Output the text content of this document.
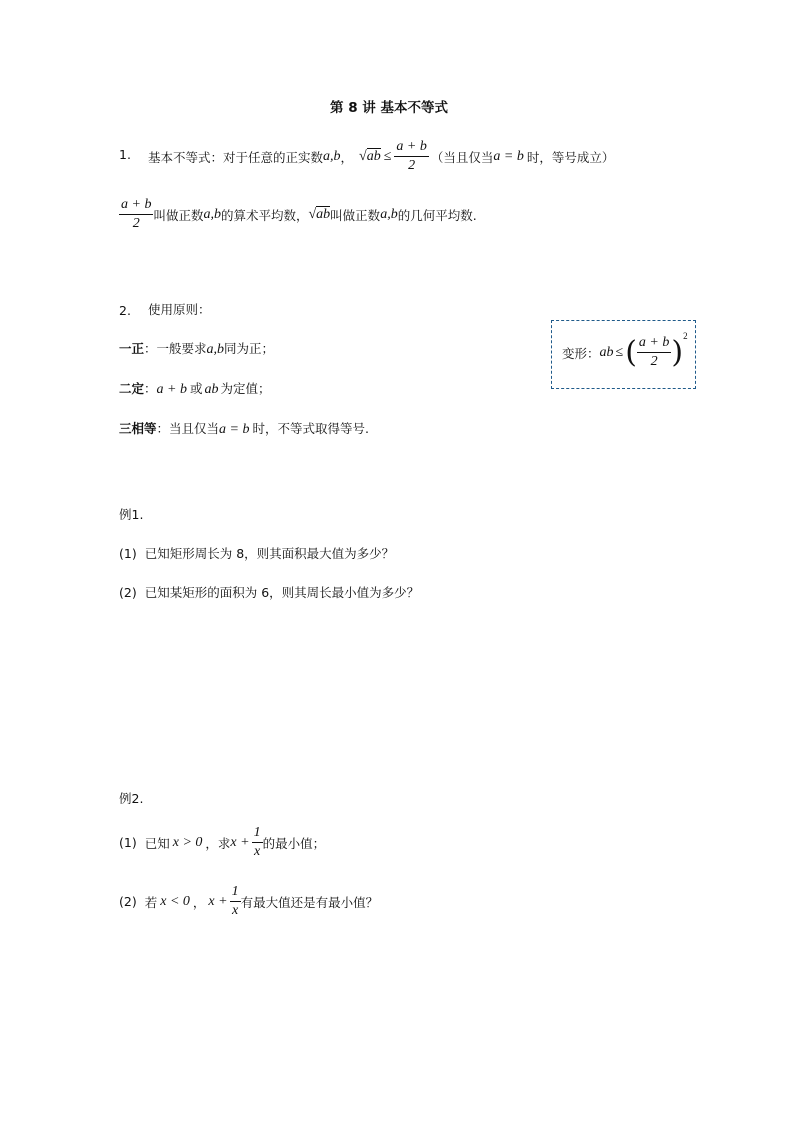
第 8 讲 基本不等式
1. 基本不等式：对于任意的正实数 a,b ， $√ab \le \frac{a + b}{2}$ （当且仅当 a = b 时，等号成立）
$\frac{a + b}{2}$ 叫做正数 a,b 的算术平均数， √ab 叫做正数 a,b 的几何平均数.
2. 使用原则：
一正：一般要求a,b同为正；
二定：a + b 或 ab 为定值；
三相等：当且仅当a = b 时，不等式取得等号.
变形： ab ≤ ( $\frac{a + b}{2}$ ) 2
例1.
(1) 已知矩形周长为 8，则其面积最大值为多少？
(2) 已知某矩形的面积为 6，则其周长最小值为多少？
例2.
(1) 已知 x > 0 ，求 $x + \frac{1}{x}$ 的最小值；
(2) 若 x < 0 ， $x + \frac{1}{x}$ 有最大值还是有最小值？
